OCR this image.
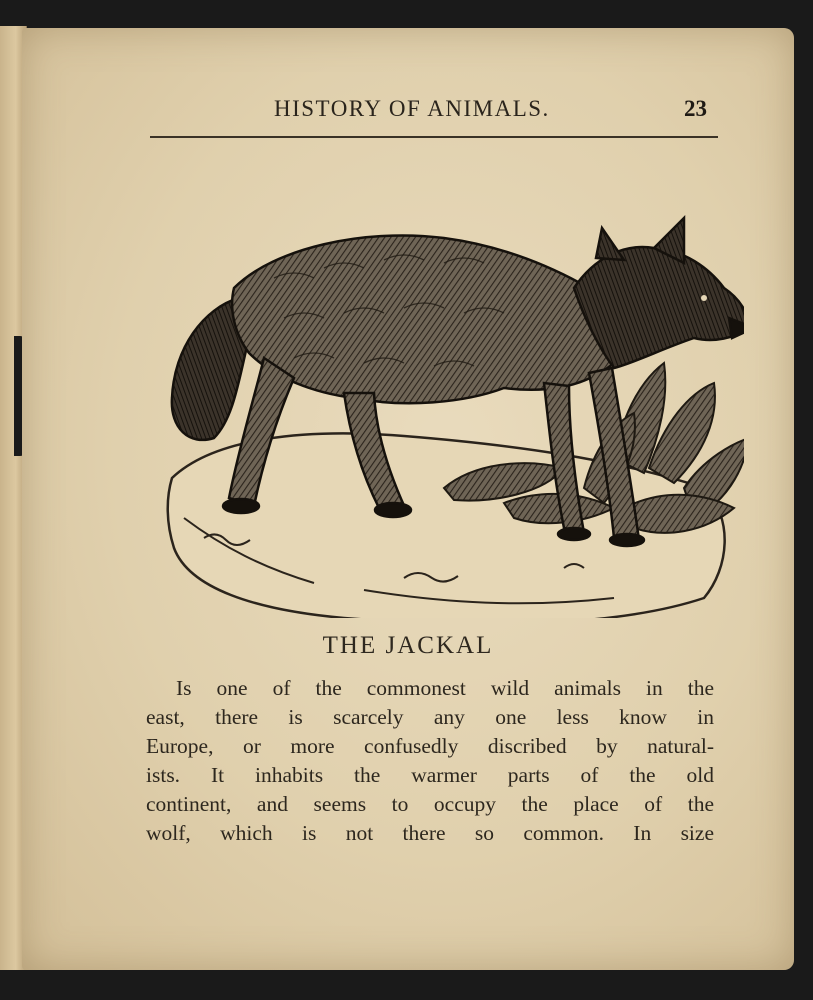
HISTORY OF ANIMALS.	23
THE JACKAL
Is one of the commonest wild animals in the
east, there is scarcely any one less know in
Europe, or more confusedly discribed by natural-
ists. It inhabits the warmer parts of the old
continent, and seems to occupy the place of the
wolf, which is not there so common. In size
